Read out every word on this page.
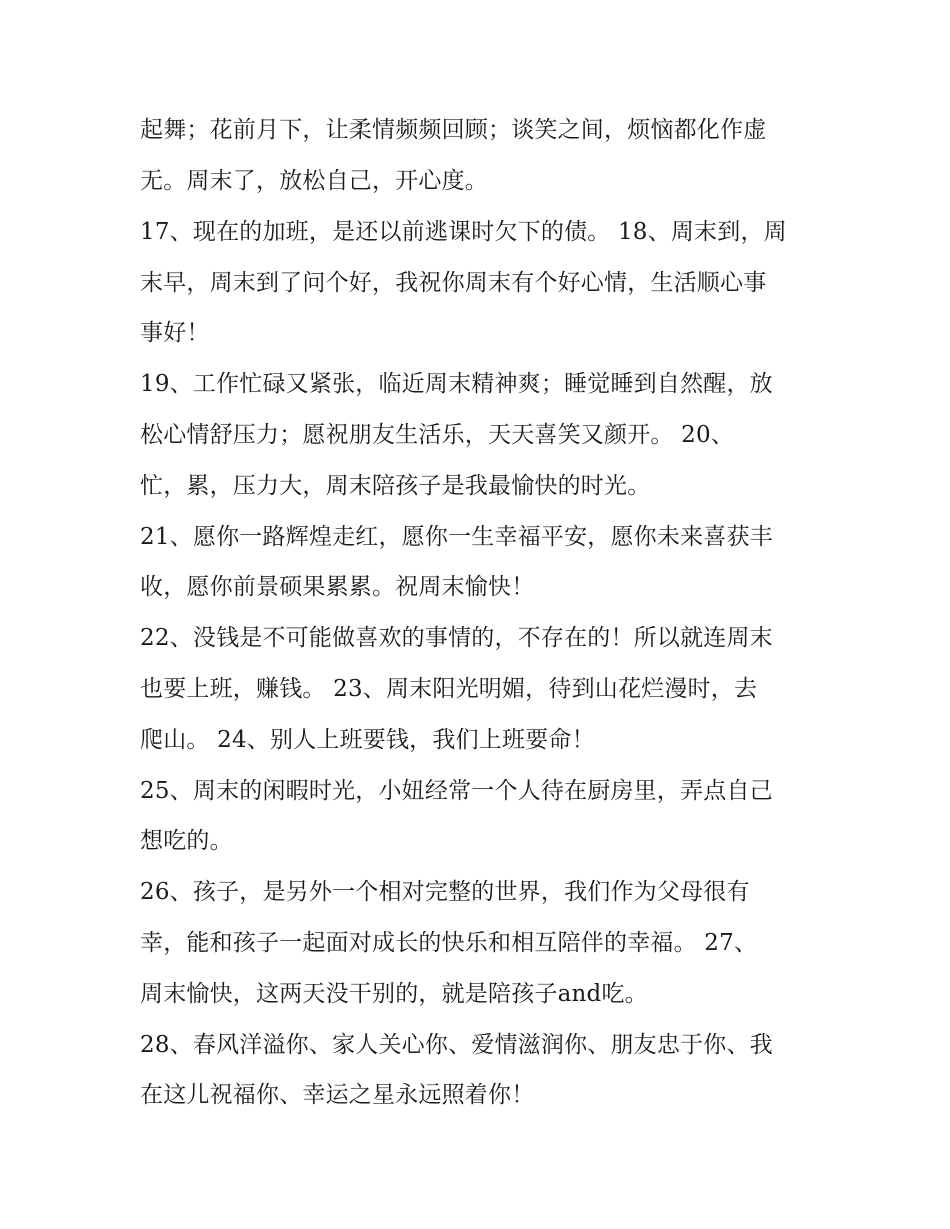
起舞；花前月下，让柔情频频回顾；谈笑之间，烦恼都化作虚
无。周末了，放松自己，开心度。
17、现在的加班，是还以前逃课时欠下的债。 18、周末到，周
末早，周末到了问个好，我祝你周末有个好心情，生活顺心事
事好！
19、工作忙碌又紧张，临近周末精神爽；睡觉睡到自然醒，放
松心情舒压力；愿祝朋友生活乐，天天喜笑又颜开。 20、
忙，累，压力大，周末陪孩子是我最愉快的时光。
21、愿你一路辉煌走红，愿你一生幸福平安，愿你未来喜获丰
收，愿你前景硕果累累。祝周末愉快！
22、没钱是不可能做喜欢的事情的，不存在的！所以就连周末
也要上班，赚钱。 23、周末阳光明媚，待到山花烂漫时，去
爬山。 24、别人上班要钱，我们上班要命！
25、周末的闲暇时光，小妞经常一个人待在厨房里，弄点自己
想吃的。
26、孩子，是另外一个相对完整的世界，我们作为父母很有
幸，能和孩子一起面对成长的快乐和相互陪伴的幸福。 27、
周末愉快，这两天没干别的，就是陪孩子and吃。
28、春风洋溢你、家人关心你、爱情滋润你、朋友忠于你、我
在这儿祝福你、幸运之星永远照着你！
